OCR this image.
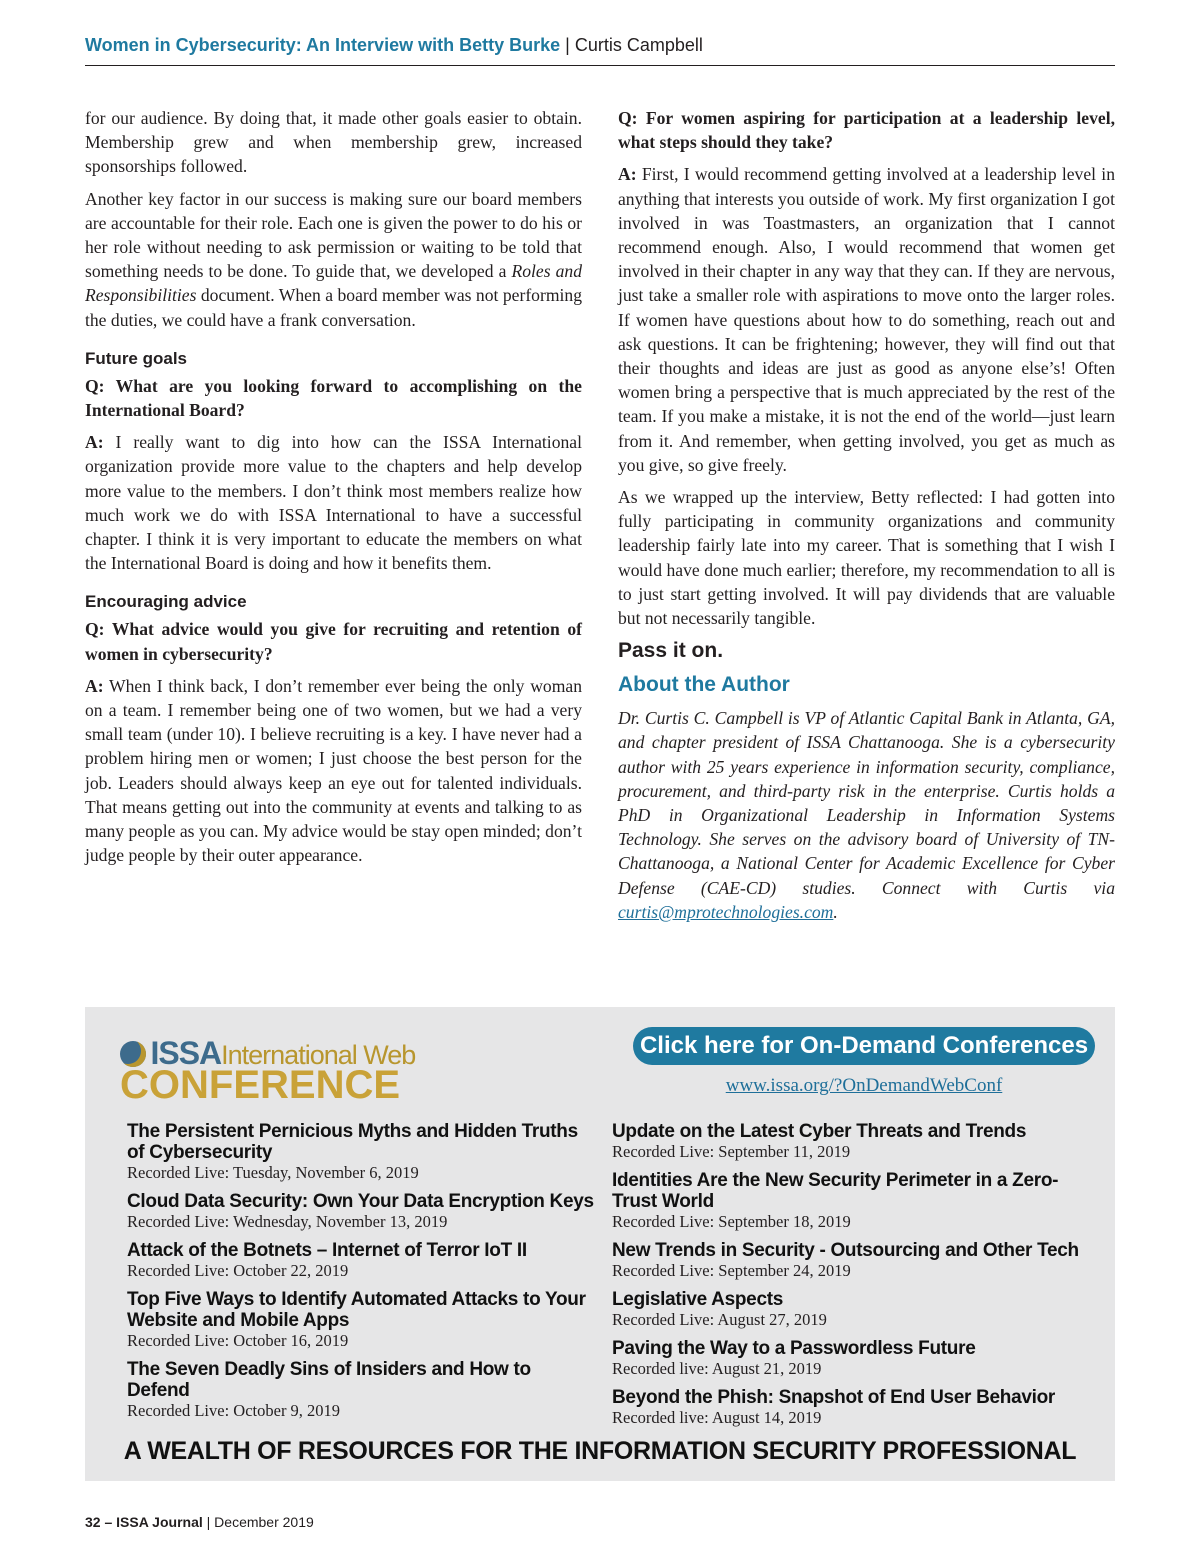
Women in Cybersecurity: An Interview with Betty Burke | Curtis Campbell

for our audience. By doing that, it made other goals easier to obtain. Membership grew and when membership grew, increased sponsorships followed.

Another key factor in our success is making sure our board members are accountable for their role. Each one is given the power to do his or her role without needing to ask permission or waiting to be told that something needs to be done. To guide that, we developed a Roles and Responsibilities document. When a board member was not performing the duties, we could have a frank conversation.

Future goals

Q: What are you looking forward to accomplishing on the International Board?

A: I really want to dig into how can the ISSA International organization provide more value to the chapters and help develop more value to the members. I don’t think most members realize how much work we do with ISSA International to have a successful chapter. I think it is very important to educate the members on what the International Board is doing and how it benefits them.

Encouraging advice

Q: What advice would you give for recruiting and retention of women in cybersecurity?

A: When I think back, I don’t remember ever being the only woman on a team. I remember being one of two women, but we had a very small team (under 10). I believe recruiting is a key. I have never had a problem hiring men or women; I just choose the best person for the job. Leaders should always keep an eye out for talented individuals. That means getting out into the community at events and talking to as many people as you can. My advice would be stay open minded; don’t judge people by their outer appearance.

Q: For women aspiring for participation at a leadership level, what steps should they take?

A: First, I would recommend getting involved at a leadership level in anything that interests you outside of work. My first organization I got involved in was Toastmasters, an organization that I cannot recommend enough. Also, I would recommend that women get involved in their chapter in any way that they can. If they are nervous, just take a smaller role with aspirations to move onto the larger roles. If women have questions about how to do something, reach out and ask questions. It can be frightening; however, they will find out that their thoughts and ideas are just as good as anyone else’s! Often women bring a perspective that is much appreciated by the rest of the team. If you make a mistake, it is not the end of the world—just learn from it. And remember, when getting involved, you get as much as you give, so give freely.

As we wrapped up the interview, Betty reflected: I had gotten into fully participating in community organizations and community leadership fairly late into my career. That is something that I wish I would have done much earlier; therefore, my recommendation to all is to just start getting involved. It will pay dividends that are valuable but not necessarily tangible.

Pass it on.
About the Author

Dr. Curtis C. Campbell is VP of Atlantic Capital Bank in Atlanta, GA, and chapter president of ISSA Chattanooga. She is a cybersecurity author with 25 years experience in information security, compliance, procurement, and third-party risk in the enterprise. Curtis holds a PhD in Organizational Leadership in Information Systems Technology. She serves on the advisory board of University of TN-Chattanooga, a National Center for Academic Excellence for Cyber Defense (CAE-CD) studies. Connect with Curtis via curtis@mprotechnologies.com.

ISSAInternational Web
CONFERENCE
Click here for On-Demand Conferences
www.issa.org/?OnDemandWebConf
The Persistent Pernicious Myths and Hidden Truths of Cybersecurity
Recorded Live: Tuesday, November 6, 2019
Cloud Data Security: Own Your Data Encryption Keys
Recorded Live: Wednesday, November 13, 2019
Attack of the Botnets – Internet of Terror IoT II
Recorded Live: October 22, 2019
Top Five Ways to Identify Automated Attacks to Your Website and Mobile Apps
Recorded Live: October 16, 2019
The Seven Deadly Sins of Insiders and How to Defend
Recorded Live: October 9, 2019
Update on the Latest Cyber Threats and Trends
Recorded Live: September 11, 2019
Identities Are the New Security Perimeter in a Zero-Trust World
Recorded Live: September 18, 2019
New Trends in Security - Outsourcing and Other Tech
Recorded Live: September 24, 2019
Legislative Aspects
Recorded Live: August 27, 2019
Paving the Way to a Passwordless Future
Recorded live: August 21, 2019
Beyond the Phish: Snapshot of End User Behavior
Recorded live: August 14, 2019
A WEALTH OF RESOURCES FOR THE INFORMATION SECURITY PROFESSIONAL
32 – ISSA Journal | December 2019
